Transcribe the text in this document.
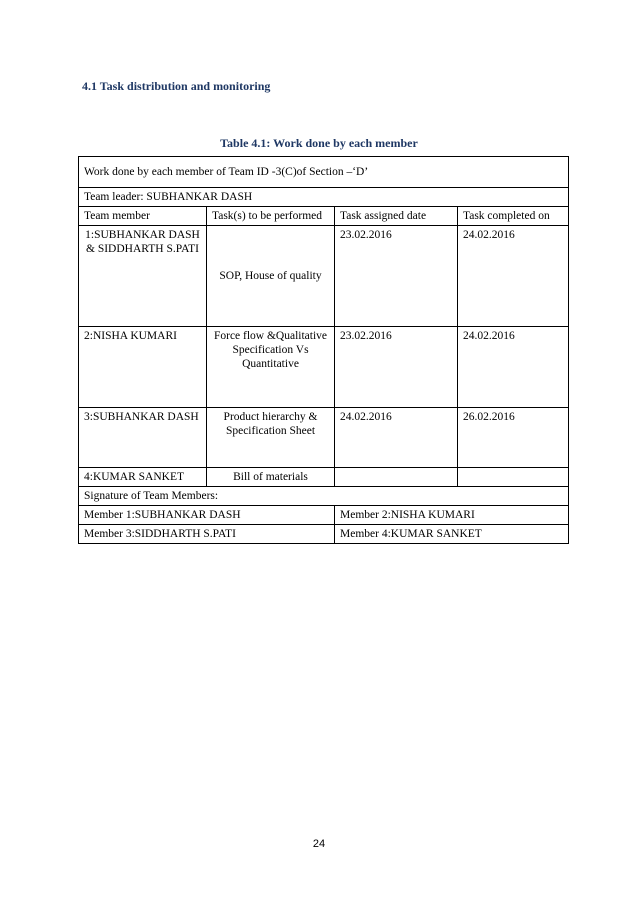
4.1 Task distribution and monitoring
Table 4.1: Work done by each member
Work done by each member of Team ID -3(C)of Section –‘D’			
Team leader: SUBHANKAR DASH			
Team member	Task(s) to be performed	Task assigned date	Task completed on
1:SUBHANKAR DASH & SIDDHARTH S.PATI	SOP, House of quality	23.02.2016	24.02.2016
2:NISHA KUMARI	Force flow &Qualitative Specification Vs Quantitative	23.02.2016	24.02.2016
3:SUBHANKAR DASH	Product hierarchy & Specification Sheet	24.02.2016	26.02.2016
4:KUMAR SANKET	Bill of materials		
Signature of Team Members:			
Member 1:SUBHANKAR DASH		Member 2:NISHA KUMARI	
Member 3:SIDDHARTH S.PATI		Member 4:KUMAR SANKET	
24
